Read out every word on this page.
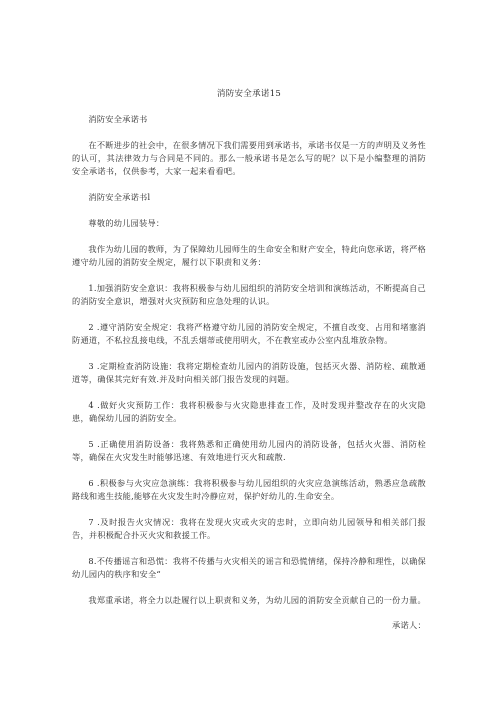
消防安全承诺15

消防安全承诺书

在不断进步的社会中，在很多情况下我们需要用到承诺书，承诺书仅是一方的声明及义务性的认可，其法律效力与合同是不同的。那么一般承诺书是怎么写的呢？以下是小编整理的消防安全承诺书，仅供参考，大家一起来看看吧。

消防安全承诺书l

尊敬的幼儿园装导：

我作为幼儿园的教师，为了保障幼儿园师生的生命安全和财产安全，特此向您承诺，将严格遵守幼儿园的消防安全规定，履行以下职责和义务：

1.加强消防安全意识：我将积极参与幼儿园组织的消防安全培训和演练活动，不断提高自己的消防安全意识，增强对火灾预防和应急处理的认识。

2 .遵守消防安全规定：我将严格遵守幼儿园的消防安全规定，不擅自改变、占用和堵塞消防通道，不私拉乱接电线，不乱丢烟蒂或使用明火，不在教室或办公室内乱堆放杂物。

3 .定期检查消防设施：我将定期检查幼儿园内的消防设施，包括灭火器、消防栓、疏散通道等，确保其完好有效.并及时向相关部门报告发现的问题。

4 .做好火灾预防工作：我将积极参与火灾隐患排查工作，及时发现并整改存在的火灾隐患，确保幼儿园的消防安全。

5 .正确使用消防设备：我将熟悉和正确使用幼儿园内的消防设备，包括火火器、消防栓等，确保在火灾发生时能够迅速、有效地进行灭火和疏散.

6 .积极参与火灾应急演练：我将积极参与幼儿园组织的火灾应急演练活动，熟悉应急疏散路线和逃生技能,能够在火灾发生时冷静应对，保护好幼儿的.生命安全。

7 .及时报告火灾情况：我将在发现火灾或火灾的忠时，立即向幼儿园领导和相关部门报告，并积极配合扑灭火灾和救援工作。

8.不传播谣言和恐慌：我将不传播与火灾相关的谣言和恐慌情绪，保持冷静和理性，以确保幼儿园内的秩序和安全“

我郑重承诺，将全力以赴履行以上职责和义务，为幼儿园的消防安全贡献自己的一份力量。

承诺人：
